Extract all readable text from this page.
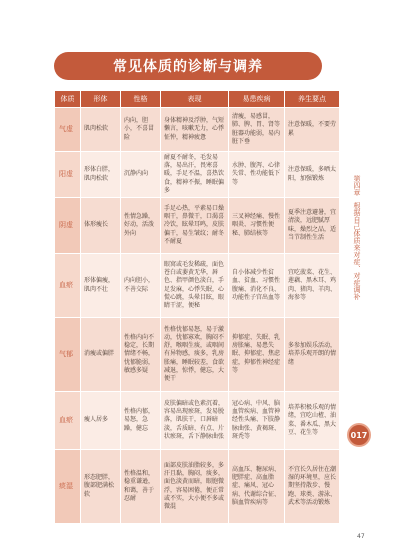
常见体质的诊断与调养
体质	形体	性格	表现	易患疾病	养生要点
气虚	肌肉松软	内向，胆小，不喜冒险	身体精神及浮肿，气短懒言，咳嗽无力，心悸怔忡，精神疲惫	清瘦，易感冒，肺、脾、胃、肾等脏器功能弱，易内脏下垂	注意保暖，不要劳累
阳虚	形体白胖，肌肉松软	沉静内向	耐夏不耐冬，毛发易落，易出汗，畏寒喜暖，手足不温，喜热饮食，精神不振，睡眠偏多	水肿、腹泻、心律失常、性功能低下等	注意保暖，多晒太阳，加强锻炼
阴虚	体形瘦长	性情急躁，好动，活泼外向	手足心热，平素易口燥咽干，鼻微干，口渴喜冷饮，眩晕耳鸣，皮肤偏干，易生皱纹；耐冬不耐夏	三叉神经痛、慢性咽炎、习惯性便秘、肺结核等	夏季注意避暑，宜清淡，远肥腻厚味，燥烈之品，适当节制性生活
血瘀	形体偏瘦，肌肉不壮	内向胆小，不善交际	眼窝或毛发稀疏，面色苍白或萎黄无华，唇色、指甲颜色淡白，手足发麻，心悸失眠，心慌心跳，头晕目眩，眼睛干涩，便秘	自小体减少性贫血、贫血、习惯性腹痛、消化不良、功能性子宫出血等	宜吃菠菜、花生、莲藕、黑木耳、鸡肉、猪肉、羊肉、海参等
气郁	消瘦或偏胖	性格内向不稳定，长期情绪不畅，忧郁脆弱，敏感多疑	性格忧郁易怒，易于激动，忧郁寡欢，胸闷不舒，喉咽生痰，或咽间有异物感，痰多，乳房胀痛，睡眠较差，食欲减退，惊悸，健忘，大便干	抑郁症、失眠、乳房胀痛、易患失眠、抑郁症、焦虑症，抑郁性神经症等	多参加娱乐活动，培养乐观开朗的情绪
血瘀	瘦人居多	性格内郁，易怒，急躁，健忘	皮肤偏暗或色素沉着，容易出现瘀斑，发易脱落，肌肤干，口唇暗淡，舌质暗、有点、片状瘀斑，舌下静脉曲张	冠心病、中风、脑血管疾病、血管神经性头痛、下肢静脉曲张、黄褐斑、斑秃等	培养积极乐观的情绪，宜吃山楂、油菜、番木瓜、黑大豆、花生等
痰湿	形态肥胖，腹部肥满松软	性格温和，稳重谦逊，和蔼，善于忍耐	面部皮肤油脂较多，多汗且黏，胸闷，痰多，面色淡黄而暗，眼胞微浮，容易困倦，便正常或不实，大小便不多或微混	高血压、糖尿病、肥胖症、高血脂症、痛风、冠心病、代谢综合征、脑血管疾病等	不宜长久居住在潮湿的环境里，应长期坚持散步、慢跑、球类、游泳、武术等活动锻炼
第四章
根据自己体质来对症、对症调补
017
47
